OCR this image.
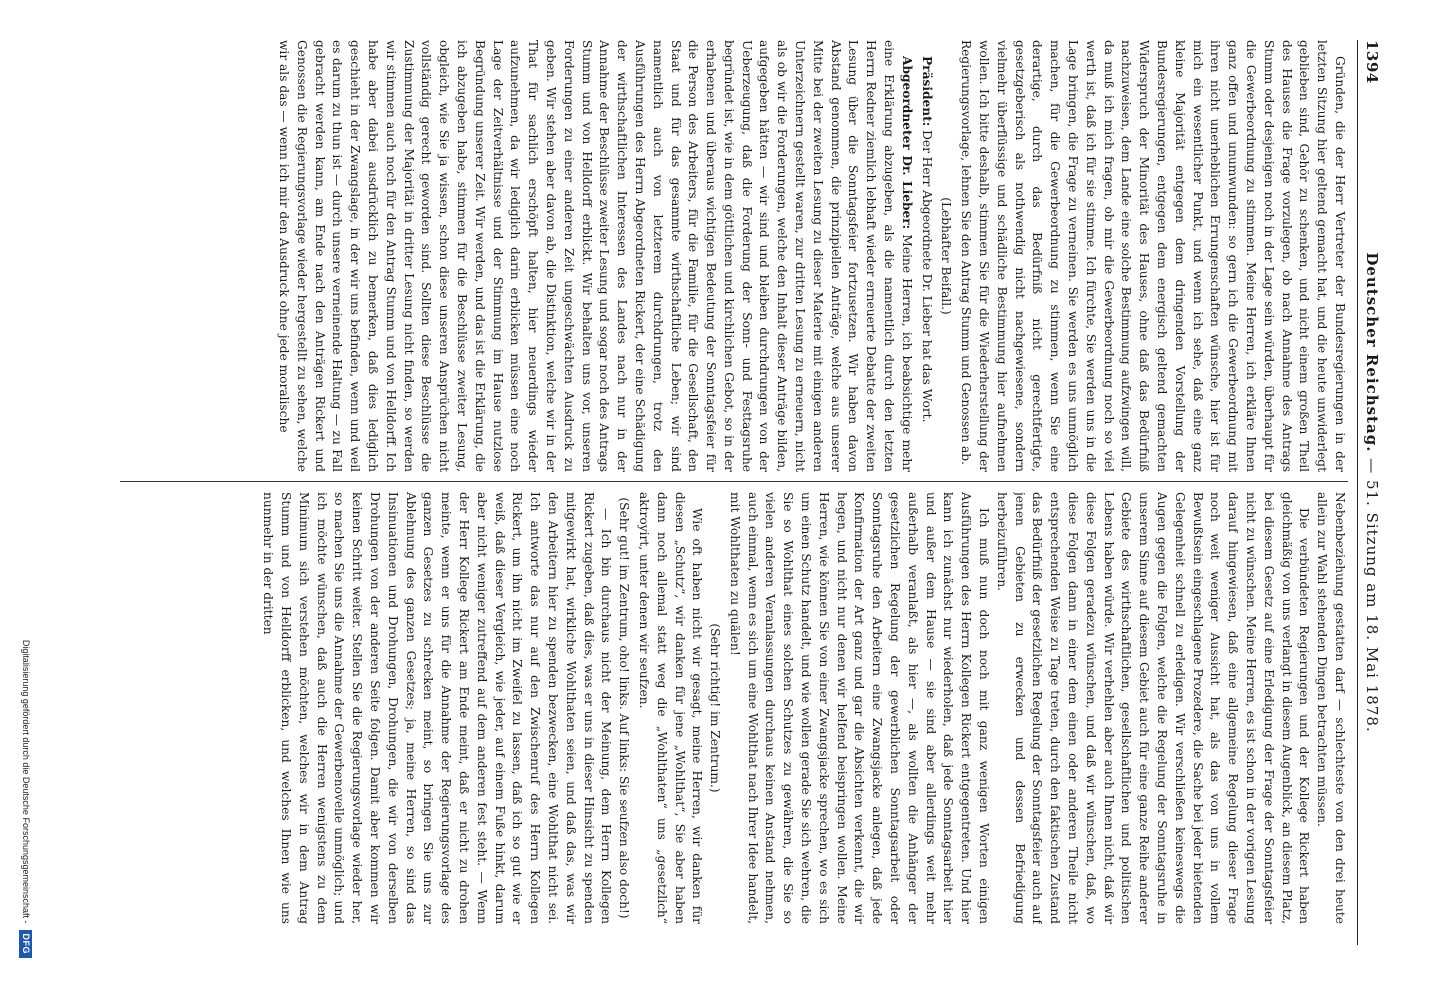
1394
Deutscher Reichstag. — 51. Sitzung am 18. Mai 1878.

Gründen, die der Herr Vertreter der Bundesregierungen in der letzten Sitzung hier geltend gemacht hat, und die heute unwiderlegt geblieben sind, Gehör zu schenken, und nicht einem großen Theil des Hauses die Frage vorzulegen, ob nach Annahme des Antrags Stumm oder desjenigen noch in der Lage sein würden, überhaupt für die Gewerbeordnung zu stimmen. Meine Herren, ich erkläre Ihnen ganz offen und unumwunden: so gern ich die Gewerbeordnung mit ihren nicht unerheblichen Errungenschaften wünsche, hier ist für mich ein wesentlicher Punkt, und wenn ich sehe, daß eine ganz kleine Majorität entgegen dem dringenden Vorstellung der Bundesregierungen, entgegen dem energisch geltend gemachten Widerspruch der Minorität des Hauses, ohne daß das Bedürfniß nachzuweisen, dem Lande eine solche Bestimmung aufzwingen will, da muß ich mich fragen, ob mir die Gewerbeordnung noch so viel werth ist, daß ich für sie stimme. Ich fürchte, Sie werden uns in die Lage bringen, die Frage zu verneinen. Sie werden es uns unmöglich machen, für die Gewerbeordnung zu stimmen, wenn Sie eine derartige, durch das Bedürfniß nicht gerechtfertigte, gesetzgeberisch als nothwendig nicht nachgewiesene, sondern vielmehr überflüssige und schädliche Bestimmung hier aufnehmen wollen. Ich bitte deshalb, stimmen Sie für die Wiederherstellung der Regierungsvorlage, lehnen Sie den Antrag Stumm und Genossen ab.

(Lebhafter Beifall.)

Präsident: Der Herr Abgeordnete Dr. Lieber hat das Wort.

Abgeordneter Dr. Lieber: Meine Herren, ich beabsichtige mehr eine Erklärung abzugeben, als die namentlich durch den letzten Herrn Redner ziemlich lebhaft wieder erneuerte Debatte der zweiten Lesung über die Sonntagsfeier fortzusetzen. Wir haben davon Abstand genommen, die prinzipiellen Anträge, welche aus unserer Mitte bei der zweiten Lesung zu dieser Materie mit einigen anderen Unterzeichnern gestellt waren, zur dritten Lesung zu erneuern, nicht als ob wir die Forderungen, welche den Inhalt dieser Anträge bilden, aufgegeben hätten — wir sind und bleiben durchdrungen von der Ueberzeugung, daß die Forderung der Sonn- und Festtagsruhe begründet ist, wie in dem göttlichen und kirchlichen Gebot, so in der erhabenen und überaus wichtigen Bedeutung der Sonntagsfeier für die Person des Arbeiters, für die Familie, für die Gesellschaft, den Staat und für das gesammte wirthschaftliche Leben; wir sind namentlich auch von letzterem durchdrungen, trotz den Ausführungen des Herrn Abgeordneten Rickert, der eine Schädigung der wirthschaftlichen Interessen des Landes nach nur in der Annahme der Beschlüsse zweiter Lesung und sogar noch des Antrags Stumm und von Helldorff erblickt. Wir behalten uns vor, unseren Forderungen zu einer anderen Zeit ungeschwächten Ausdruck zu geben. Wir stehen aber davon ab, die Distinktion, welche wir in der That für sachlich erschöpft halten, hier neuerdings wieder aufzunehmen, da wir lediglich darin erblicken müssen eine noch Lage der Zeitverhältnisse und der Stimmung im Hause nutzlose Begründung unserer Zeit. Wir werden, und das ist die Erklärung, die ich abzugeben habe, stimmen für die Beschlüsse zweiter Lesung, obgleich, wie Sie ja wissen, schon diese unseren Ansprüchen nicht vollständig gerecht geworden sind. Sollten diese Beschlüsse die Zustimmung der Majorität in dritter Lesung nicht finden, so werden wir stimmen auch noch für den Antrag Stumm und von Helldorff. Ich habe aber dabei ausdrücklich zu bemerken, daß dies lediglich geschieht in der Zwangslage, in der wir uns befinden, wenn und weil es darum zu thun ist — durch unsere verneinende Haltung — zu Fall gebracht werden kann, am Ende nach den Anträgen Rickert und Genossen die Regierungsvorlage wieder hergestellt zu sehen, welche wir als das — wenn ich mir den Ausdruck ohne jede moralische

Nebenbeziehung gestatten darf — schlechteste von den drei heute allein zur Wahl stehenden Dingen betrachten müssen.

Die verbündeten Regierungen und der Kollege Rickert haben gleichmäßig von uns verlangt in diesem Augenblick, an diesem Platz, bei diesem Gesetz auf eine Erledigung der Frage der Sonntagsfeier nicht zu wünschen. Meine Herren, es ist schon in der vorigen Lesung darauf hingewiesen, daß eine allgemeine Regelung dieser Frage noch weit weniger Aussicht hat, als das von uns in vollem Bewußtsein eingeschlagene Prozedere, die Sache bei jeder bietenden Gelegenheit schnell zu erledigen. Wir verschließen keineswegs die Augen gegen die Folgen, welche die Regelung der Sonntagsruhe in unserem Sinne auf diesem Gebiet auch für eine ganze Reihe anderer Gebiete des wirthschaftlichen, gesellschaftlichen und politischen Lebens haben würde. Wir verhehlen aber auch Ihnen nicht, daß wir diese Folgen geradezu wünschen, und daß wir wünschen, daß, wo diese Folgen dann in einer dem einen oder anderen Theile nicht entsprechenden Weise zu Tage treten, durch den faktischen Zustand das Bedürfniß der gesetzlichen Regelung der Sonntagsfeier auch auf jenen Gebieten zu erwecken und dessen Befriedigung herbeizuführen.

Ich muß nun doch noch mit ganz wenigen Worten einigen Ausführungen des Herrn Kollegen Rickert entgegentreten. Und hier kann ich zunächst nur wiederholen, daß jede Sonntagsarbeit hier und außer dem Hause — sie sind aber allerdings weit mehr außerhalb veranlaßt, als hier —, als wollten die Anhänger der gesetzlichen Regelung der gewerblichen Sonntagsarbeit oder Sonntagsruhe den Arbeitern eine Zwangsjacke anlegen, daß jede Konfirmation der Art ganz und gar die Absichten verkennt, die wir hegen, und nicht nur denen wir helfend beispringen wollen. Meine Herren, wie können Sie von einer Zwangsjacke sprechen, wo es sich um einen Schutz handelt, und wie wollen gerade Sie sich wehren, die Sie so Wohlthat eines solchen Schutzes zu gewähren, die Sie so vielen anderen Veranlassungen durchaus keinen Anstand nehmen, auch einmal, wenn es sich um eine Wohlthat nach Ihrer Idee handelt, mit Wohlthaten zu quälen!

(Sehr richtig! im Zentrum.)

Wie oft haben nicht wir gesagt, meine Herren, wir danken für diesen „Schutz“, wir danken für jene „Wohlthat“, Sie aber haben dann noch allemal statt weg die „Wohlthaten“ uns „gesetzlich“ aktroyirt, unter denen wir seufzen.

(Sehr gut! im Zentrum, oho! links. Auf links: Sie seufzen also doch!)

— Ich bin durchaus nicht der Meinung, dem Herrn Kollegen Rickert zugeben, daß dies, was er uns in dieser Hinsicht zu spenden mitgewirkt hat, wirkliche Wohlthaten seien, und daß das, was wir den Arbeitern hier zu spenden bezwecken, eine Wohlthat nicht sei. Ich antworte das nur auf den Zwischenruf des Herrn Kollegen Rickert, um ihn nicht im Zweifel zu lassen, daß ich so gut wie er weiß, daß dieser Vergleich, wie jeder, auf einem Fuße hinkt, darum aber nicht weniger zutreffend auf dem anderen fest steht. — Wenn der Herr Kollege Rickert am Ende meint, daß er nicht zu drohen meinte, wenn er uns für die Annahme der Regierungsvorlage des ganzen Gesetzes zu schrecken meint, so bringen Sie uns zur Ablehnung des ganzen Gesetzes; ja, meine Herren, so sind das Insinuationen und Drohungen, Drohungen, die wir von derselben Drohungen von der anderen Seite folgen. Damit aber kommen wir keinen Schritt weiter. Stellen Sie die Regierungsvorlage wieder her, so machen Sie uns die Annahme der Gewerbenovelle unmöglich; und ich möchte wünschen, daß auch die Herren wenigstens zu dem Minimum sich verstehen möchten, welches wir in dem Antrag Stumm und von Helldorff erblicken, und welches Ihnen wie uns nunmehr in der dritten

Digitalisierung gefördert durch die Deutsche Forschungsgemeinschaft -DFG
